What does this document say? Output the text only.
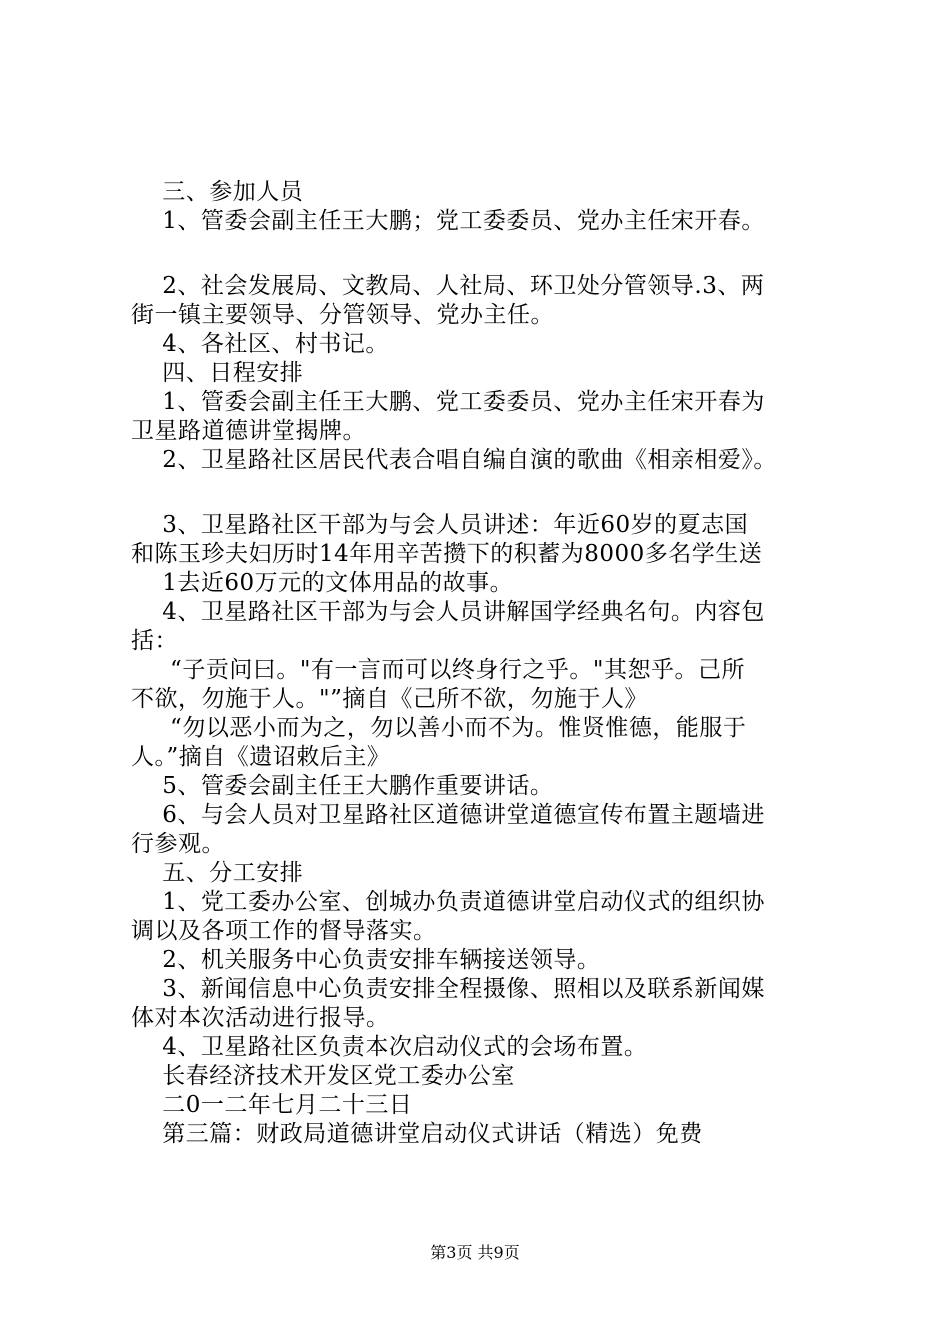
三、参加人员
1、管委会副主任王大鹏；党工委委员、党办主任宋开春。
2、社会发展局、文教局、人社局、环卫处分管领导.3、两
街一镇主要领导、分管领导、党办主任。
4、各社区、村书记。
四、日程安排
1、管委会副主任王大鹏、党工委委员、党办主任宋开春为
卫星路道德讲堂揭牌。
2、卫星路社区居民代表合唱自编自演的歌曲《相亲相爱》。
3、卫星路社区干部为与会人员讲述：年近60岁的夏志国
和陈玉珍夫妇历时14年用辛苦攒下的积蓄为8000多名学生送
1去近60万元的文体用品的故事。
4、卫星路社区干部为与会人员讲解国学经典名句。内容包
括：
“子贡问曰。"有一言而可以终身行之乎。"其恕乎。己所
不欲，勿施于人。"”摘自《己所不欲，勿施于人》
“勿以恶小而为之，勿以善小而不为。惟贤惟德，能服于
人。”摘自《遗诏敕后主》
5、管委会副主任王大鹏作重要讲话。
6、与会人员对卫星路社区道德讲堂道德宣传布置主题墙进
行参观。
五、分工安排
1、党工委办公室、创城办负责道德讲堂启动仪式的组织协
调以及各项工作的督导落实。
2、机关服务中心负责安排车辆接送领导。
3、新闻信息中心负责安排全程摄像、照相以及联系新闻媒
体对本次活动进行报导。
4、卫星路社区负责本次启动仪式的会场布置。
长春经济技术开发区党工委办公室
二0一二年七月二十三日
第三篇：财政局道德讲堂启动仪式讲话（精选）免费
第3页 共9页
